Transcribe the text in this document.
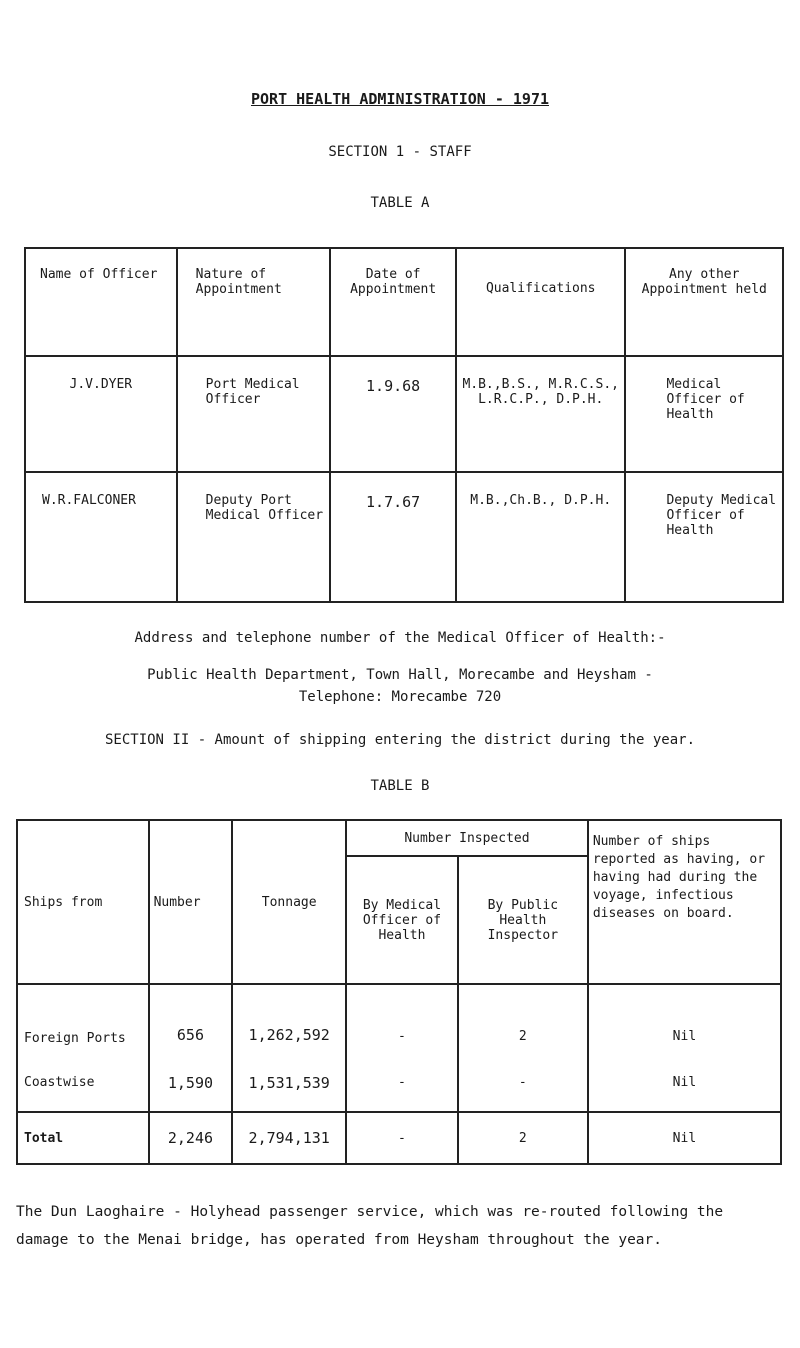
PORT HEALTH ADMINISTRATION - 1971
SECTION 1 - STAFF
TABLE A
Name of Officer	Nature of Appointment	Date of Appointment	Qualifications	Any other Appointment held
J.V.DYER	Port Medical Officer	1.9.68	M.B.,B.S., M.R.C.S., L.R.C.P., D.P.H.	Medical Officer of Health
W.R.FALCONER	Deputy Port Medical Officer	1.7.67	M.B.,Ch.B., D.P.H.	Deputy Medical Officer of Health
Address and telephone number of the Medical Officer of Health:-
Public Health Department, Town Hall, Morecambe and Heysham -
Telephone: Morecambe 720
SECTION II - Amount of shipping entering the district during the year.
TABLE B
Ships from	Number	Tonnage	Number Inspected		Number of ships reported as having, or having had during the voyage, infectious diseases on board.
			By Medical Officer of Health	By Public Health Inspector	
Foreign Ports	656	1,262,592	-	2	Nil
Coastwise	1,590	1,531,539	-	-	Nil
Total	2,246	2,794,131	-	2	Nil
The Dun Laoghaire - Holyhead passenger service, which was re-routed following the damage to the Menai bridge, has operated from Heysham throughout the year.
